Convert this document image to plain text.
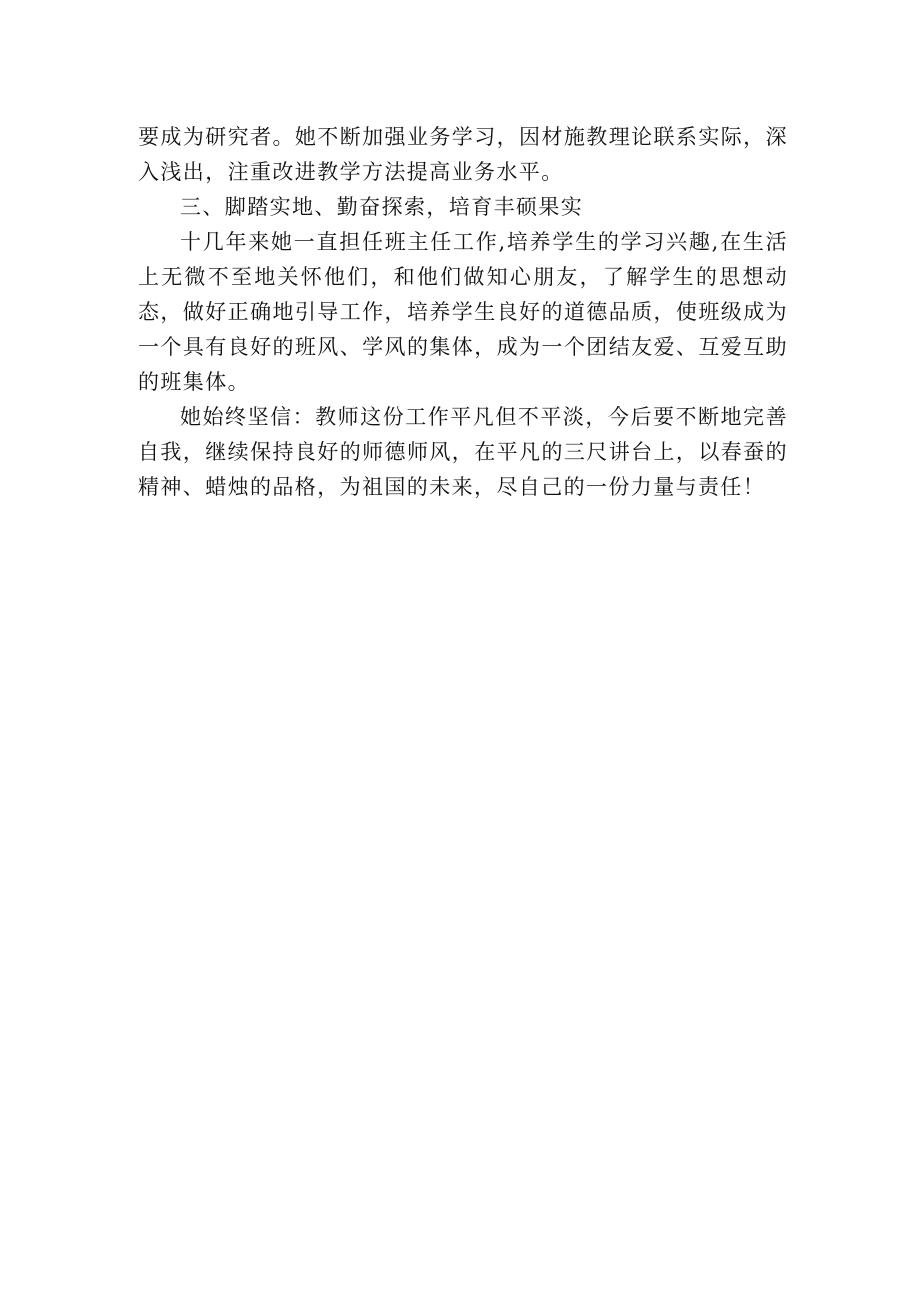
要成为研究者。她不断加强业务学习，因材施教理论联系实际，深入浅出，注重改进教学方法提高业务水平。

三、脚踏实地、勤奋探索，培育丰硕果实

十几年来她一直担任班主任工作,培养学生的学习兴趣,在生活上无微不至地关怀他们，和他们做知心朋友，了解学生的思想动态，做好正确地引导工作，培养学生良好的道德品质，使班级成为一个具有良好的班风、学风的集体，成为一个团结友爱、互爱互助的班集体。

她始终坚信：教师这份工作平凡但不平淡，今后要不断地完善自我，继续保持良好的师德师风，在平凡的三尺讲台上，以春蚕的精神、蜡烛的品格，为祖国的未来，尽自己的一份力量与责任！
